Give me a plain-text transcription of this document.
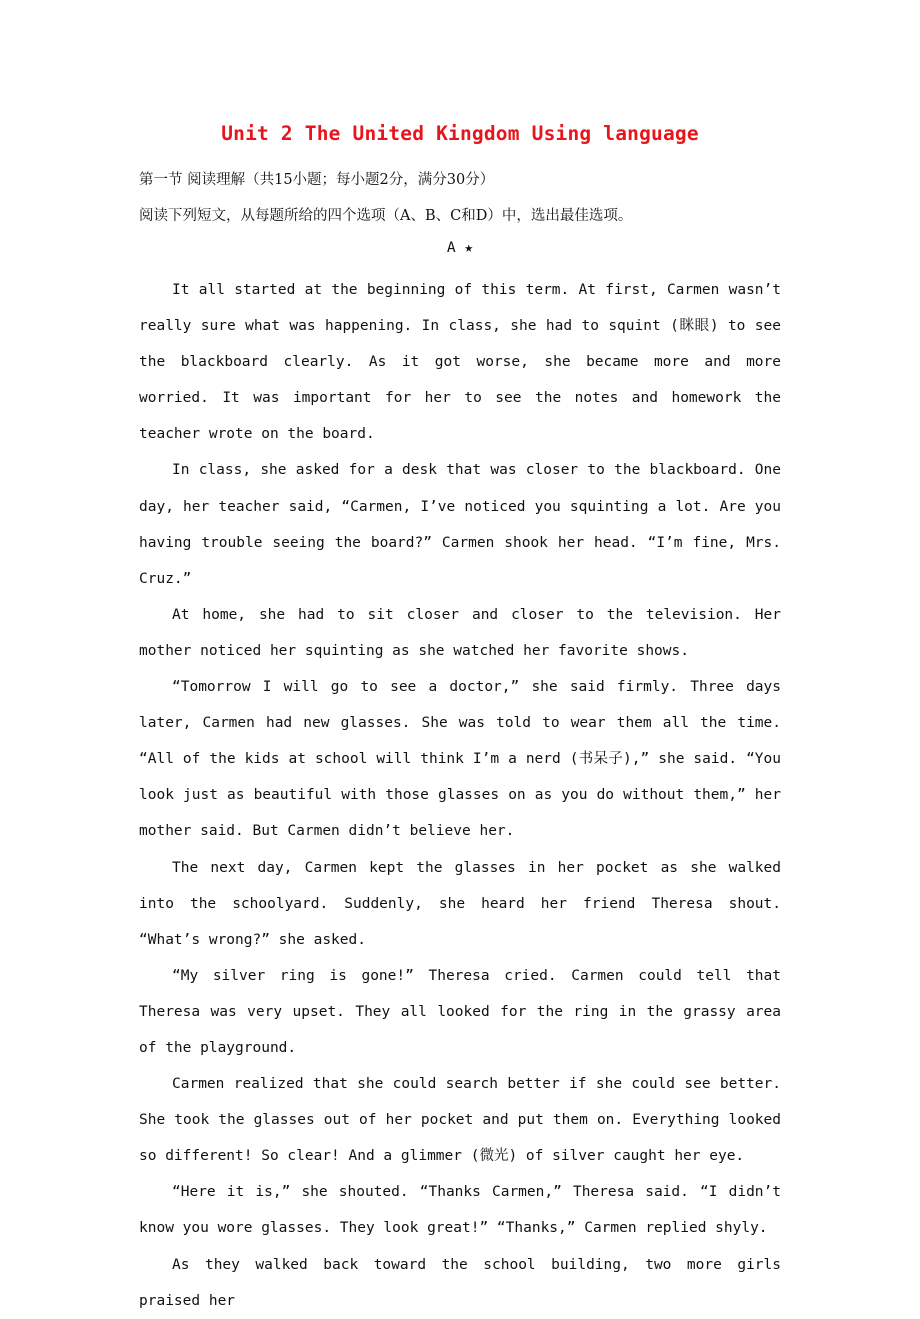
Unit 2 The United Kingdom Using language
第一节 阅读理解（共15小题；每小题2分，满分30分）
阅读下列短文，从每题所给的四个选项（A、B、C和D）中，选出最佳选项。
A ★

It all started at the beginning of this term. At first, Carmen wasn’t really sure what was happening. In class, she had to squint (眯眼) to see the blackboard clearly. As it got worse, she became more and more worried. It was important for her to see the notes and homework the teacher wrote on the board.

In class, she asked for a desk that was closer to the blackboard. One day, her teacher said, “Carmen, I’ve noticed you squinting a lot. Are you having trouble seeing the board?” Carmen shook her head. “I’m fine, Mrs. Cruz.”

At home, she had to sit closer and closer to the television. Her mother noticed her squinting as she watched her favorite shows.

“Tomorrow I will go to see a doctor,” she said firmly. Three days later, Carmen had new glasses. She was told to wear them all the time. “All of the kids at school will think I’m a nerd (书呆子),” she said. “You look just as beautiful with those glasses on as you do without them,” her mother said. But Carmen didn’t believe her.

The next day, Carmen kept the glasses in her pocket as she walked into the schoolyard. Suddenly, she heard her friend Theresa shout. “What’s wrong?” she asked.

“My silver ring is gone!” Theresa cried. Carmen could tell that Theresa was very upset. They all looked for the ring in the grassy area of the playground.

Carmen realized that she could search better if she could see better. She took the glasses out of her pocket and put them on. Everything looked so different! So clear! And a glimmer (微光) of silver caught her eye.

“Here it is,” she shouted. “Thanks Carmen,” Theresa said. “I didn’t know you wore glasses. They look great!” “Thanks,” Carmen replied shyly.

As they walked back toward the school building, two more girls praised her
